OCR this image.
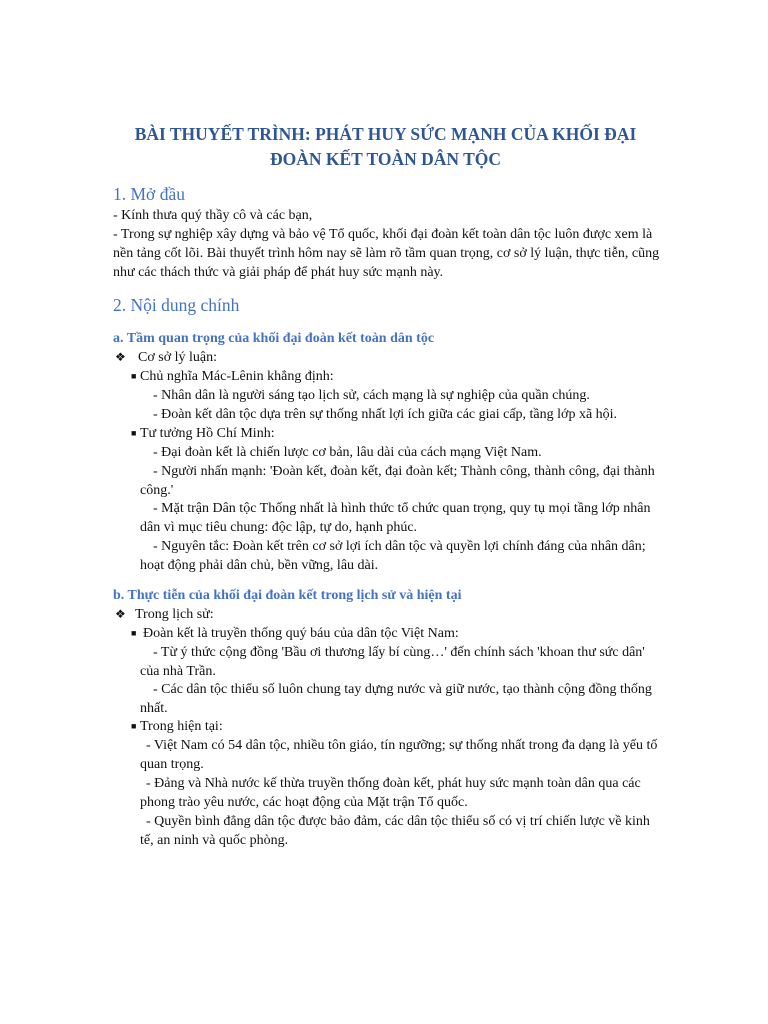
BÀI THUYẾT TRÌNH: PHÁT HUY SỨC MẠNH CỦA KHỐI ĐẠI
ĐOÀN KẾT TOÀN DÂN TỘC
1. Mở đầu
- Kính thưa quý thầy cô và các bạn,
- Trong sự nghiệp xây dựng và bảo vệ Tổ quốc, khối đại đoàn kết toàn dân tộc luôn được xem là
nền tảng cốt lõi. Bài thuyết trình hôm nay sẽ làm rõ tầm quan trọng, cơ sở lý luận, thực tiễn, cũng
như các thách thức và giải pháp để phát huy sức mạnh này.
2. Nội dung chính
a. Tầm quan trọng của khối đại đoàn kết toàn dân tộc
❖ Cơ sở lý luận:
■ Chủ nghĩa Mác-Lênin khẳng định:
- Nhân dân là người sáng tạo lịch sử, cách mạng là sự nghiệp của quần chúng.
- Đoàn kết dân tộc dựa trên sự thống nhất lợi ích giữa các giai cấp, tầng lớp xã hội.
■ Tư tưởng Hồ Chí Minh:
- Đại đoàn kết là chiến lược cơ bản, lâu dài của cách mạng Việt Nam.
- Người nhấn mạnh: 'Đoàn kết, đoàn kết, đại đoàn kết; Thành công, thành công, đại thành
công.'
- Mặt trận Dân tộc Thống nhất là hình thức tổ chức quan trọng, quy tụ mọi tầng lớp nhân
dân vì mục tiêu chung: độc lập, tự do, hạnh phúc.
- Nguyên tắc: Đoàn kết trên cơ sở lợi ích dân tộc và quyền lợi chính đáng của nhân dân;
hoạt động phải dân chủ, bền vững, lâu dài.
b. Thực tiễn của khối đại đoàn kết trong lịch sử và hiện tại
❖ Trong lịch sử:
■ Đoàn kết là truyền thống quý báu của dân tộc Việt Nam:
- Từ ý thức cộng đồng 'Bầu ơi thương lấy bí cùng…' đến chính sách 'khoan thư sức dân'
của nhà Trần.
- Các dân tộc thiểu số luôn chung tay dựng nước và giữ nước, tạo thành cộng đồng thống
nhất.
■ Trong hiện tại:
- Việt Nam có 54 dân tộc, nhiều tôn giáo, tín ngưỡng; sự thống nhất trong đa dạng là yếu tố
quan trọng.
- Đảng và Nhà nước kế thừa truyền thống đoàn kết, phát huy sức mạnh toàn dân qua các
phong trào yêu nước, các hoạt động của Mặt trận Tổ quốc.
- Quyền bình đẳng dân tộc được bảo đảm, các dân tộc thiểu số có vị trí chiến lược về kinh
tế, an ninh và quốc phòng.
